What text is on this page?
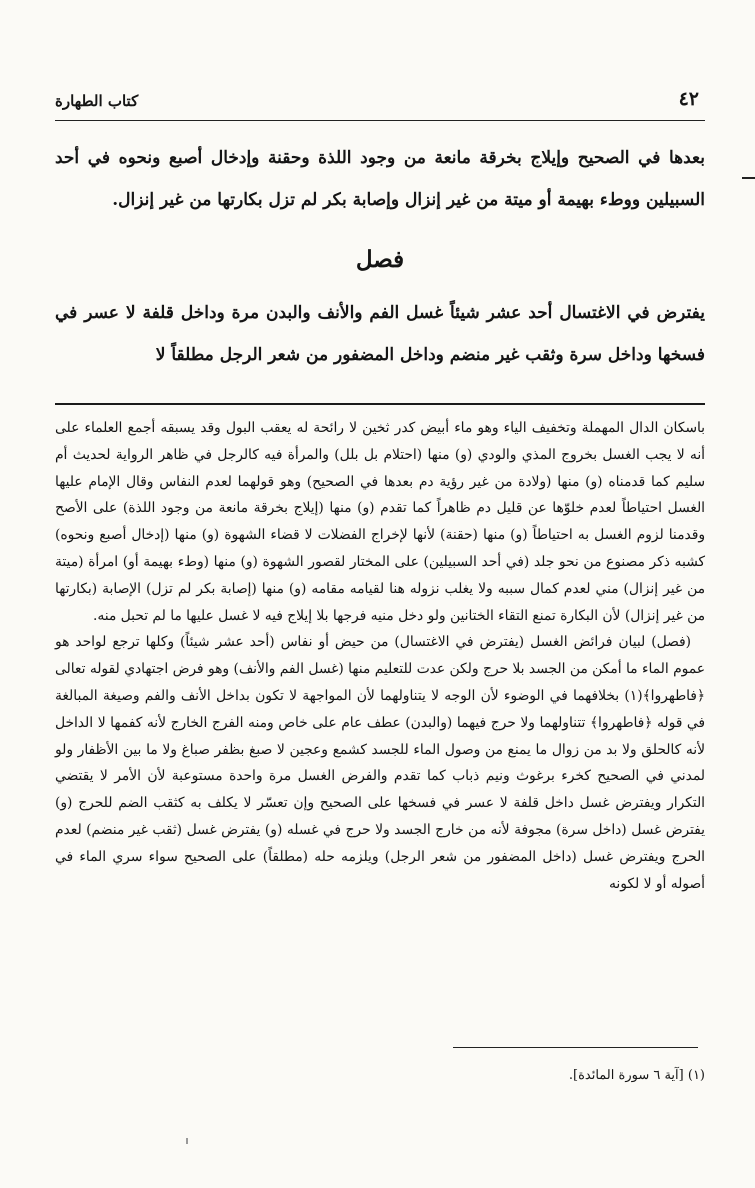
كتاب الطهارة	٤٢

بعدها في الصحيح وإيلاج بخرقة مانعة من وجود اللذة وحقنة وإدخال أصبع ونحوه في أحد السبيلين ووطء بهيمة أو ميتة من غير إنزال وإصابة بكر لم تزل بكارتها من غير إنزال.

فصل
يفترض في الاغتسال أحد عشر شيئاً غسل الفم والأنف والبدن مرة وداخل قلفة لا عسر في فسخها وداخل سرة وثقب غير منضم وداخل المضفور من شعر الرجل مطلقاً لا

باسكان الدال المهملة وتخفيف الياء وهو ماء أبيض كدر ثخين لا رائحة له يعقب البول وقد يسبقه أجمع العلماء على أنه لا يجب الغسل بخروج المذي والودي (و) منها (احتلام بل بلل) والمرأة فيه كالرجل في ظاهر الرواية لحديث أم سليم كما قدمناه (و) منها (ولادة من غير رؤية دم بعدها في الصحيح) وهو قولهما لعدم النفاس وقال الإمام عليها الغسل احتياطاً لعدم خلوّها عن قليل دم ظاهراً كما تقدم (و) منها (إيلاج بخرقة مانعة من وجود اللذة) على الأصح وقدمنا لزوم الغسل به احتياطاً (و) منها (حقنة) لأنها لإخراج الفضلات لا قضاء الشهوة (و) منها (إدخال أصبع ونحوه) كشبه ذكر مصنوع من نحو جلد (في أحد السبيلين) على المختار لقصور الشهوة (و) منها (وطء بهيمة أو) امرأة (ميتة من غير إنزال) مني لعدم كمال سببه ولا يغلب نزوله هنا لقيامه مقامه (و) منها (إصابة بكر لم تزل) الإصابة (بكارتها من غير إنزال) لأن البكارة تمنع التقاء الختانين ولو دخل منيه فرجها بلا إيلاج فيه لا غسل عليها ما لم تحبل منه.

(فصل) لبيان فرائض الغسل (يفترض في الاغتسال) من حيض أو نفاس (أحد عشر شيئاً) وكلها ترجع لواحد هو عموم الماء ما أمكن من الجسد بلا حرج ولكن عدت للتعليم منها (غسل الفم والأنف) وهو فرض اجتهادي لقوله تعالى ﴿فاطهروا﴾(١) بخلافهما في الوضوء لأن الوجه لا يتناولهما لأن المواجهة لا تكون بداخل الأنف والفم وصيغة المبالغة في قوله ﴿فاطهروا﴾ تتناولهما ولا حرج فيهما (والبدن) عطف عام على خاص ومنه الفرج الخارج لأنه كفمها لا الداخل لأنه كالحلق ولا بد من زوال ما يمنع من وصول الماء للجسد كشمع وعجين لا صبغ بظفر صباغ ولا ما بين الأظفار ولو لمدني في الصحيح كخرء برغوث ونيم ذباب كما تقدم والفرض الغسل مرة واحدة مستوعبة لأن الأمر لا يقتضي التكرار ويفترض غسل داخل قلفة لا عسر في فسخها على الصحيح وإن تعسّر لا يكلف به كثقب الضم للحرج (و) يفترض غسل (داخل سرة) مجوفة لأنه من خارج الجسد ولا حرج في غسله (و) يفترض غسل (ثقب غير منضم) لعدم الحرج ويفترض غسل (داخل المضفور من شعر الرجل) ويلزمه حله (مطلقاً) على الصحيح سواء سري الماء في أصوله أو لا لكونه

(١) [آية ٦ سورة المائدة].
